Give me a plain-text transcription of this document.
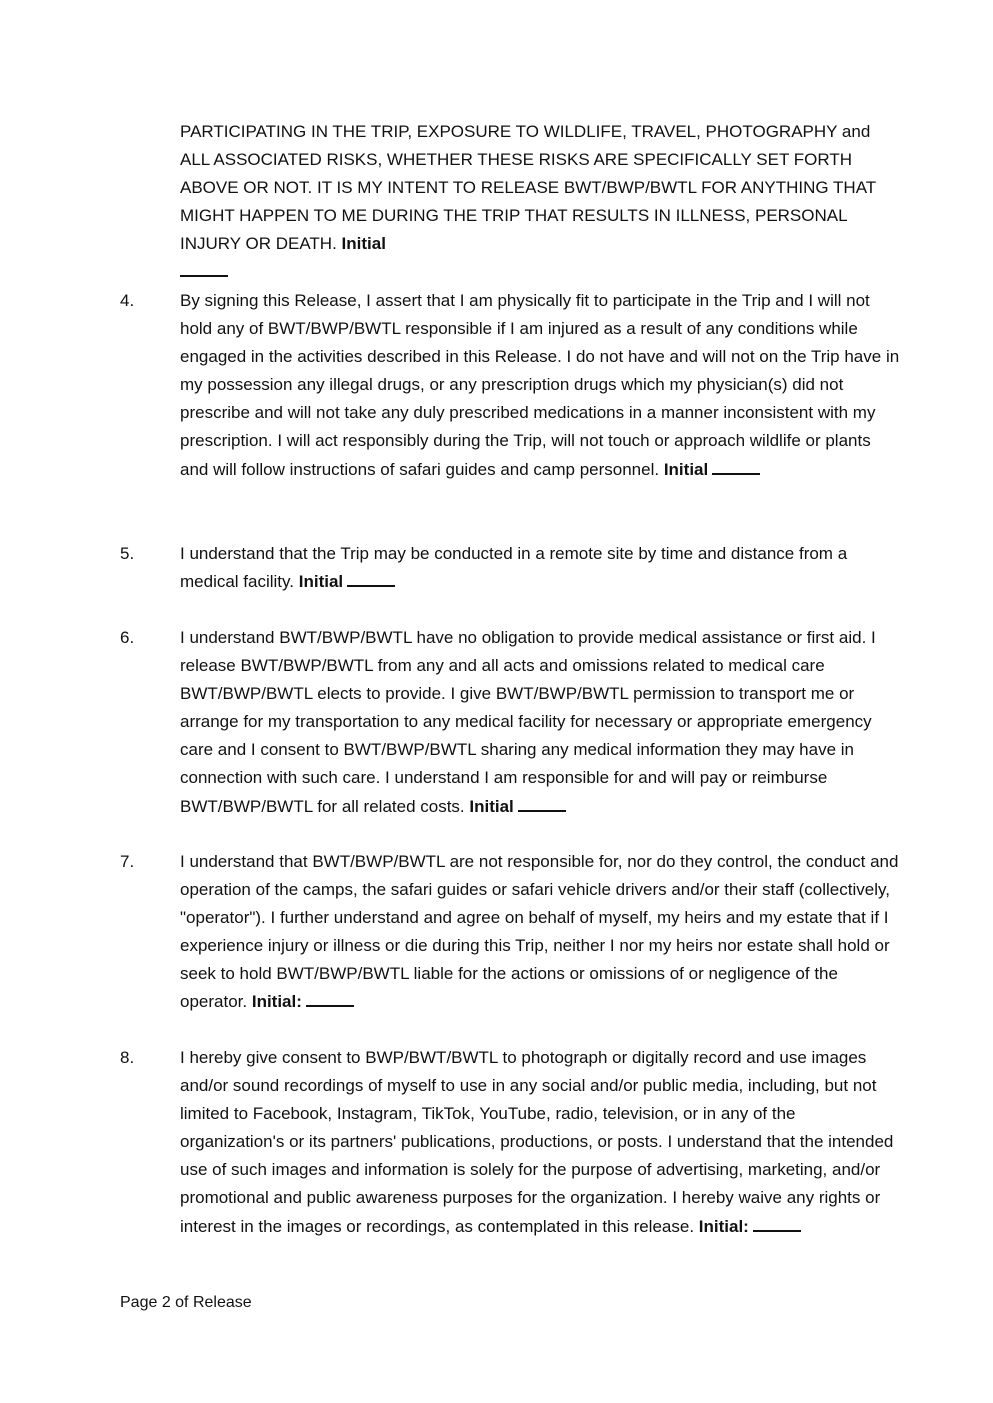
PARTICIPATING IN THE TRIP, EXPOSURE TO WILDLIFE, TRAVEL, PHOTOGRAPHY and ALL ASSOCIATED RISKS, WHETHER THESE RISKS ARE SPECIFICALLY SET FORTH ABOVE OR NOT. IT IS MY INTENT TO RELEASE BWT/BWP/BWTL FOR ANYTHING THAT MIGHT HAPPEN TO ME DURING THE TRIP THAT RESULTS IN ILLNESS, PERSONAL INJURY OR DEATH. Initial

4.	By signing this Release, I assert that I am physically fit to participate in the Trip and I will not hold any of BWT/BWP/BWTL responsible if I am injured as a result of any conditions while engaged in the activities described in this Release. I do not have and will not on the Trip have in my possession any illegal drugs, or any prescription drugs which my physician(s) did not prescribe and will not take any duly prescribed medications in a manner inconsistent with my prescription. I will act responsibly during the Trip, will not touch or approach wildlife or plants and will follow instructions of safari guides and camp personnel. Initial

5.	I understand that the Trip may be conducted in a remote site by time and distance from a medical facility. Initial

6.	I understand BWT/BWP/BWTL have no obligation to provide medical assistance or first aid. I release BWT/BWP/BWTL from any and all acts and omissions related to medical care BWT/BWP/BWTL elects to provide. I give BWT/BWP/BWTL permission to transport me or arrange for my transportation to any medical facility for necessary or appropriate emergency care and I consent to BWT/BWP/BWTL sharing any medical information they may have in connection with such care. I understand I am responsible for and will pay or reimburse BWT/BWP/BWTL for all related costs. Initial

7.	I understand that BWT/BWP/BWTL are not responsible for, nor do they control, the conduct and operation of the camps, the safari guides or safari vehicle drivers and/or their staff (collectively, "operator"). I further understand and agree on behalf of myself, my heirs and my estate that if I experience injury or illness or die during this Trip, neither I nor my heirs nor estate shall hold or seek to hold BWT/BWP/BWTL liable for the actions or omissions of or negligence of the operator. Initial:

8.	I hereby give consent to BWP/BWT/BWTL to photograph or digitally record and use images and/or sound recordings of myself to use in any social and/or public media, including, but not limited to Facebook, Instagram, TikTok, YouTube, radio, television, or in any of the organization's or its partners' publications, productions, or posts. I understand that the intended use of such images and information is solely for the purpose of advertising, marketing, and/or promotional and public awareness purposes for the organization. I hereby waive any rights or interest in the images or recordings, as contemplated in this release. Initial:

Page 2 of Release
